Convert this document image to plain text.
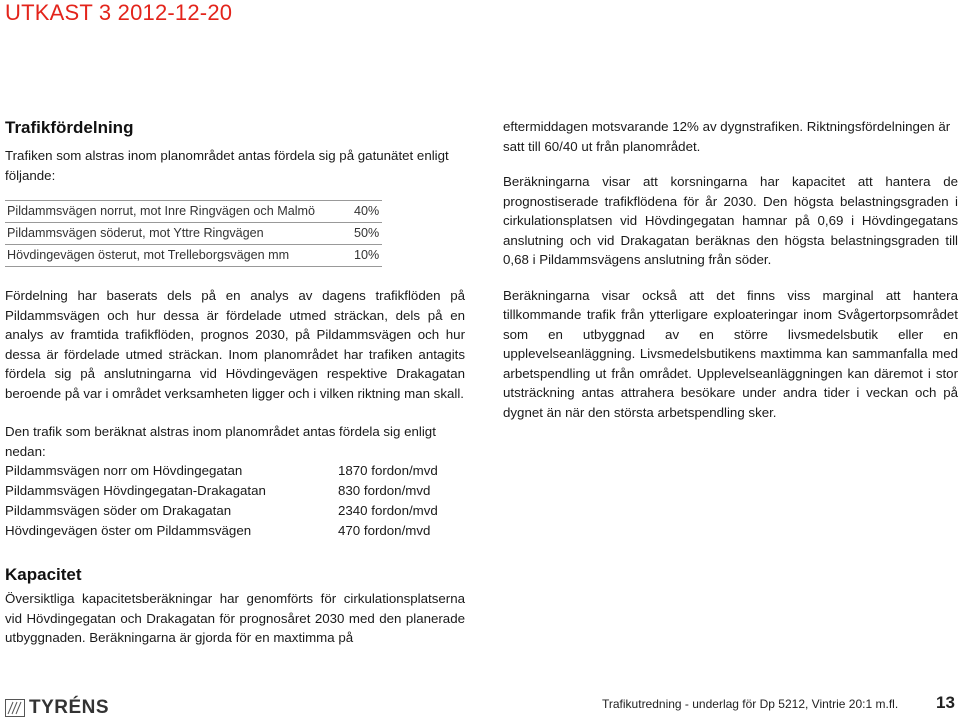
UTKAST 3 2012-12-20
Trafikfördelning

Trafiken som alstras inom planområdet antas fördela sig på gatunätet enligt följande:

Pildammsvägen norrut, mot Inre Ringvägen och Malmö	40%
Pildammsvägen söderut, mot Yttre Ringvägen	50%
Hövdingevägen österut, mot Trelleborgsvägen mm	10%

Fördelning har baserats dels på en analys av dagens trafikflöden på Pildammsvägen och hur dessa är fördelade utmed sträckan, dels på en analys av framtida trafikflöden, prognos 2030, på Pildammsvägen och hur dessa är fördelade utmed sträckan. Inom planområdet har trafiken antagits fördela sig på anslutningarna vid Hövdingevägen respektive Drakagatan beroende på var i området verksamheten ligger och i vilken riktning man skall.

Den trafik som beräknat alstras inom planområdet antas fördela sig enligt nedan:

Pildammsvägen norr om Hövdingegatan	1870 fordon/mvd
Pildammsvägen Hövdingegatan-Drakagatan	830 fordon/mvd
Pildammsvägen söder om Drakagatan	2340 fordon/mvd
Hövdingevägen öster om Pildammsvägen	470 fordon/mvd
Kapacitet

Översiktliga kapacitetsberäkningar har genomförts för cirkulationsplatserna vid Hövdingegatan och Drakagatan för prognosåret 2030 med den planerade utbyggnaden. Beräkningarna är gjorda för en maxtimma på

eftermiddagen motsvarande 12% av dygnstrafiken. Riktningsfördelningen är satt till 60/40 ut från planområdet.

Beräkningarna visar att korsningarna har kapacitet att hantera de prognostiserade trafikflödena för år 2030. Den högsta belastningsgraden i cirkulationsplatsen vid Hövdingegatan hamnar på 0,69 i Hövdingegatans anslutning och vid Drakagatan beräknas den högsta belastningsgraden till 0,68 i Pildammsvägens anslutning från söder.

Beräkningarna visar också att det finns viss marginal att hantera tillkommande trafik från ytterligare exploateringar inom Svågertorpsområdet som en utbyggnad av en större livsmedelsbutik eller en upplevelseanläggning. Livsmedelsbutikens maxtimma kan sammanfalla med arbetspendling ut från området. Upplevelseanläggningen kan däremot i stor utsträckning antas attrahera besökare under andra tider i veckan och på dygnet än när den största arbetspendling sker.

TYRÉNS	Trafikutredning - underlag för Dp 5212, Vintrie 20:1 m.fl. 13
